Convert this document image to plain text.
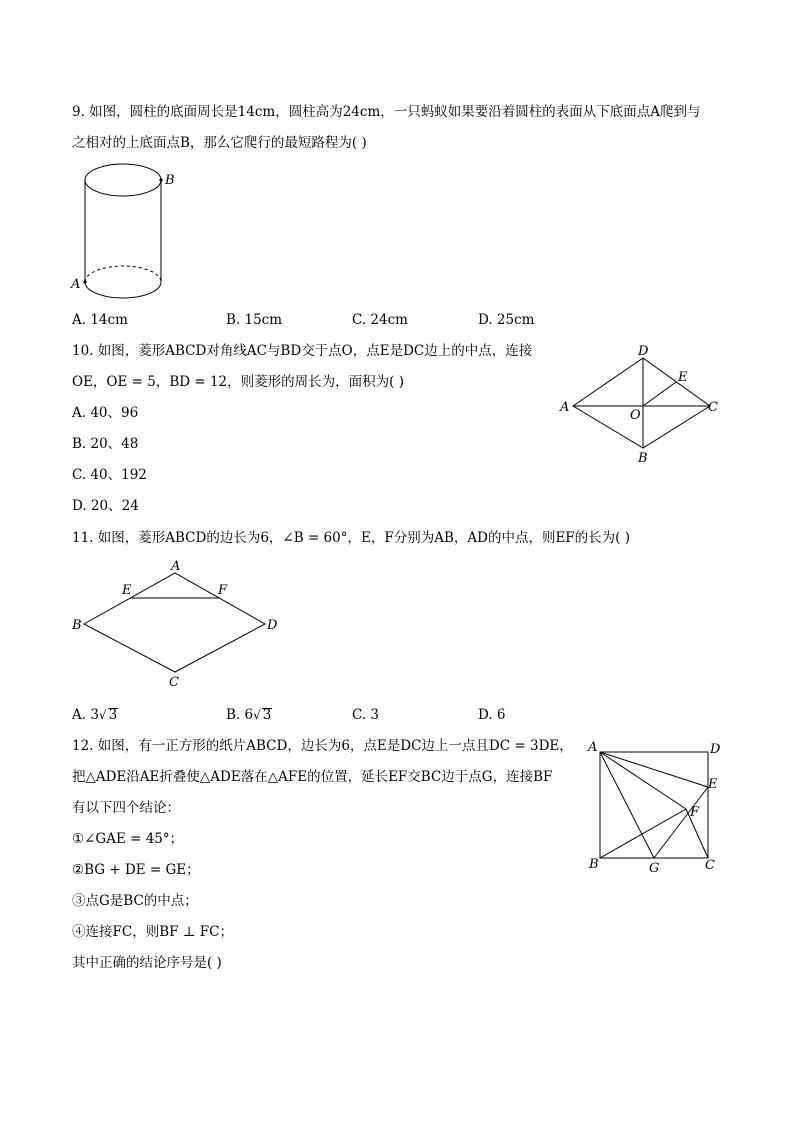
9. 如图，圆柱的底面周长是14cm，圆柱高为24cm，一只蚂蚁如果要沿着圆柱的表面从下底面点A爬到与
之相对的上底面点B，那么它爬行的最短路程为( )
B
A
A. 14cm	B. 15cm	C. 24cm	D. 25cm
10. 如图，菱形ABCD对角线AC与BD交于点O，点E是DC边上的中点，连接
OE，OE = 5，BD = 12，则菱形的周长为，面积为( )
A. 40、96
B. 20、48
C. 40、192
D. 20、24
D
E
A
O
C
B
11. 如图，菱形ABCD的边长为6，∠B = 60°，E，F分别为AB，AD的中点，则EF的长为( )
A
E	F
B	D
C
A. 3√ 3	B. 6√ 3	C. 3	D. 6
12. 如图，有一正方形的纸片ABCD，边长为6，点E是DC边上一点且DC = 3DE，
把△ADE沿AE折叠使△ADE落在△AFE的位置，延长EF交BC边于点G，连接BF
有以下四个结论：
①∠GAE = 45°；
②BG + DE = GE；
③点G是BC的中点；
④连接FC，则BF ⊥ FC；
其中正确的结论序号是( )
A	D
E
F
B	G	C
